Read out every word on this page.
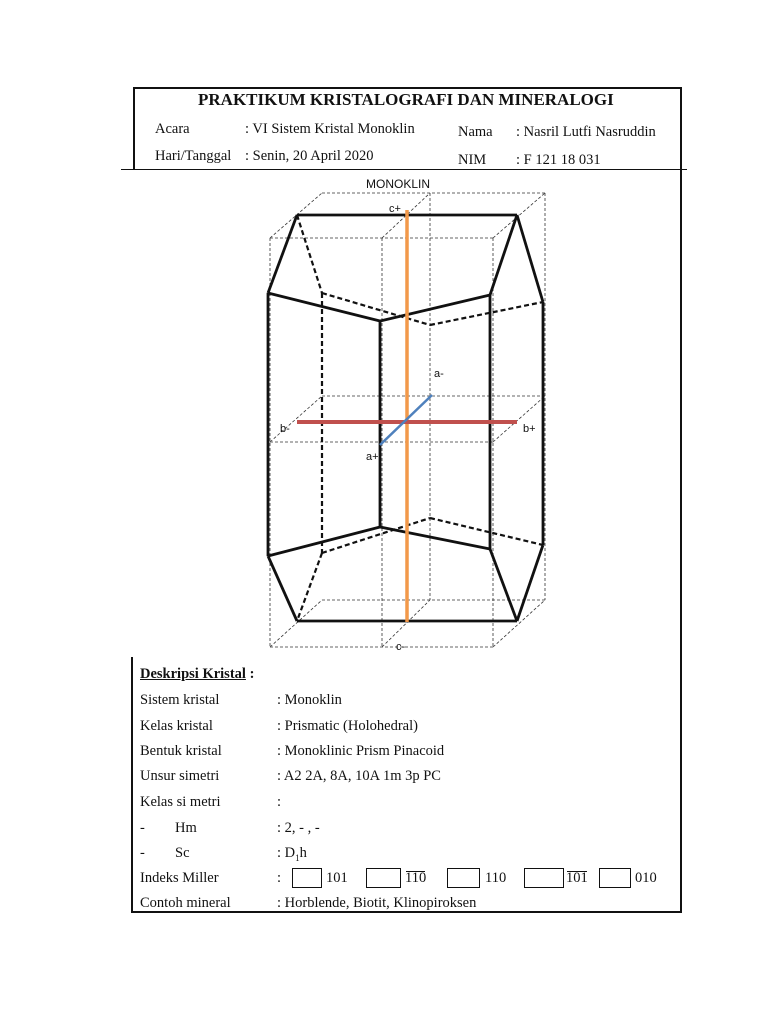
PRAKTIKUM KRISTALOGRAFI DAN MINERALOGI
Acara	: VI Sistem Kristal Monoklin
Hari/Tanggal : Senin, 20 April 2020
Nama : Nasril Lutfi Nasruddin
NIM : F 121 18 031
MONOKLIN
c+
c-
a-
a+
b-	b+
Deskripsi Kristal :
Sistem kristal	: Monoklin
Kelas kristal	: Prismatic (Holohedral)
Bentuk kristal	: Monoklinic Prism Pinacoid
Unsur simetri	: A2 2A, 8A, 10A 1m 3p PC
Kelas si metri	:
- Hm	: 2, - , -
- Sc	: $D_1h$
Indeks Miller	:	101	110	110	101	010
Contoh mineral	: Horblende, Biotit, Klinopiroksen
